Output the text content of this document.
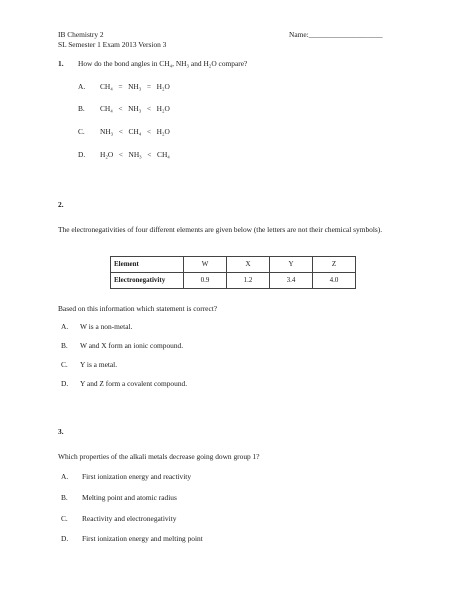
IB Chemistry 2
SL Semester 1 Exam 2013 Version 3
Name:____________________
1. How do the bond angles in CH₄, NH₃ and H₂O compare?
A. CH₄   =   NH₃   =   H₂O
B. CH₄   <   NH₃   <   H₂O
C. NH₃   <   CH₄   <   H₂O
D. H₂O   <   NH₃   <   CH₄
2.
The electronegativities of four different elements are given below (the letters are not their chemical symbols).
Element	W	X	Y	Z
Electronegativity	0.9	1.2	3.4	4.0
Based on this information which statement is correct?
A. W is a non-metal.
B. W and X form an ionic compound.
C. Y is a metal.
D. Y and Z form a covalent compound.
3.
Which properties of the alkali metals decrease going down group 1?
A. First ionization energy and reactivity
B. Melting point and atomic radius
C. Reactivity and electronegativity
D. First ionization energy and melting point
